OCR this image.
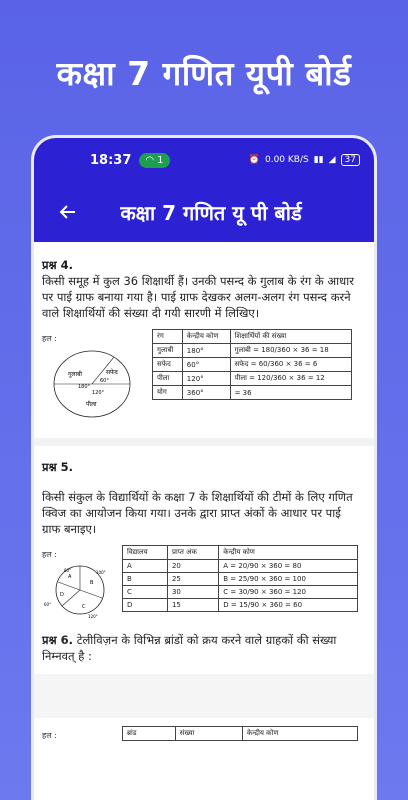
कक्षा 7 गणित यूपी बोर्ड
18:37 ◠ 1	⏰ 0.00 KB/S ▮▮ ◢	37
कक्षा 7 गणित यू पी बोर्ड
प्रश्न 4.
किसी समूह में कुल 36 शिक्षार्थी हैं। उनकी पसन्द के गुलाब के रंग के आधार पर पाई ग्राफ बनाया गया है। पाई ग्राफ देखकर अलग-अलग रंग पसन्द करने वाले शिक्षार्थियों की संख्या दी गयी सारणी में लिखिए।
हल :
गुलाबी	सफेद
पीला
180°
120°
60°
रंग	केन्द्रीय कोण	शिक्षार्थियों की संख्या
गुलाबी	180°	गुलाबी = 180/360 × 36 = 18
सफेद	60°	सफेद = 60/360 × 36 = 6
पीला	120°	पीला = 120/360 × 36 = 12
योग	360°	= 36
प्रश्न 5.
किसी संकुल के विद्यार्थियों के कक्षा 7 के शिक्षार्थियों की टीमों के लिए गणित क्विज का आयोजन किया गया। उनके द्वारा प्राप्त अंकों के आधार पर पाई ग्राफ बनाइए।
हल :
A
B
C
D
80°	100°
120°
60°
विद्यालय	प्राप्त अंक	केन्द्रीय कोण
A	20	A = 20/90 × 360 = 80
B	25	B = 25/90 × 360 = 100
C	30	C = 30/90 × 360 = 120
D	15	D = 15/90 × 360 = 60
प्रश्न 6. टेलीविज़न के विभिन्न ब्रांडों को क्रय करने वाले ग्राहकों की संख्या निम्नवत् है :
हल :	ब्रांड	संख्या	केन्द्रीय कोण
